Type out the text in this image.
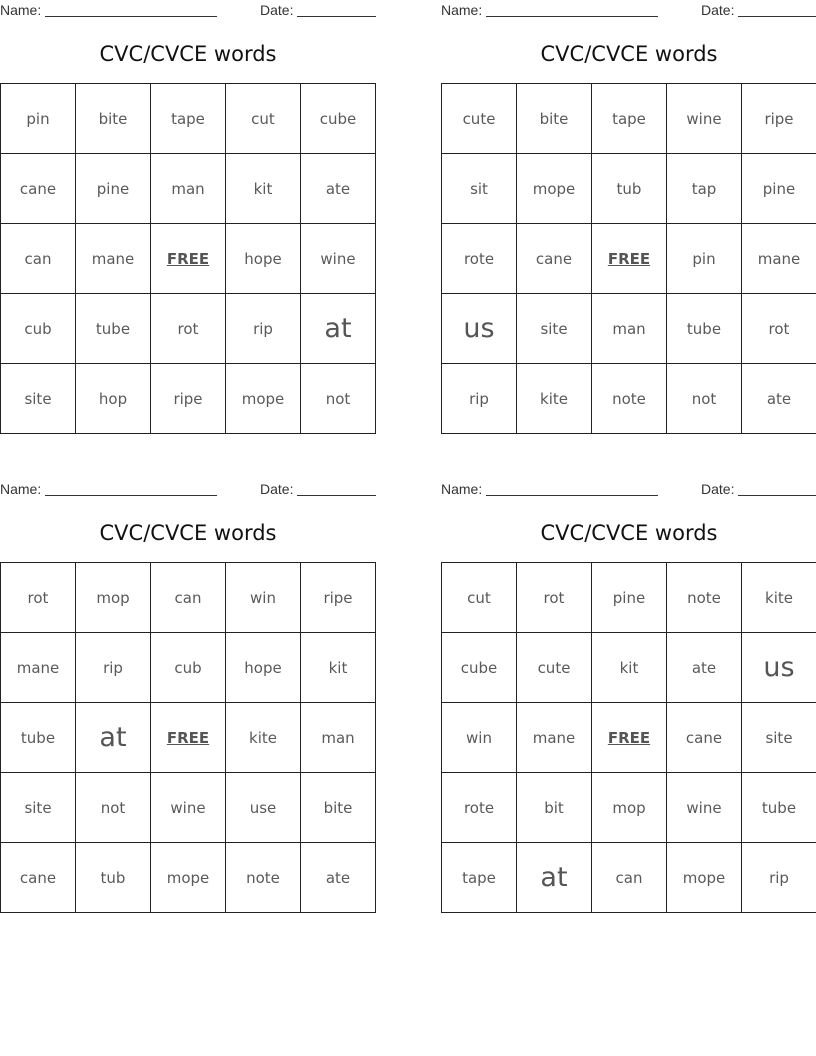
Name:	Date:
CVC/CVCE words
pin	bite	tape	cut	cube
cane	pine	man	kit	ate
can	mane	FREE	hope	wine
cub	tube	rot	rip	at
site	hop	ripe	mope	not
Name:	Date:
CVC/CVCE words
cute	bite	tape	wine	ripe
sit	mope	tub	tap	pine
rote	cane	FREE	pin	mane
us	site	man	tube	rot
rip	kite	note	not	ate
Name:	Date:
CVC/CVCE words
rot	mop	can	win	ripe
mane	rip	cub	hope	kit
tube	at	FREE	kite	man
site	not	wine	use	bite
cane	tub	mope	note	ate
Name:	Date:
CVC/CVCE words
cut	rot	pine	note	kite
cube	cute	kit	ate	us
win	mane	FREE	cane	site
rote	bit	mop	wine	tube
tape	at	can	mope	rip
